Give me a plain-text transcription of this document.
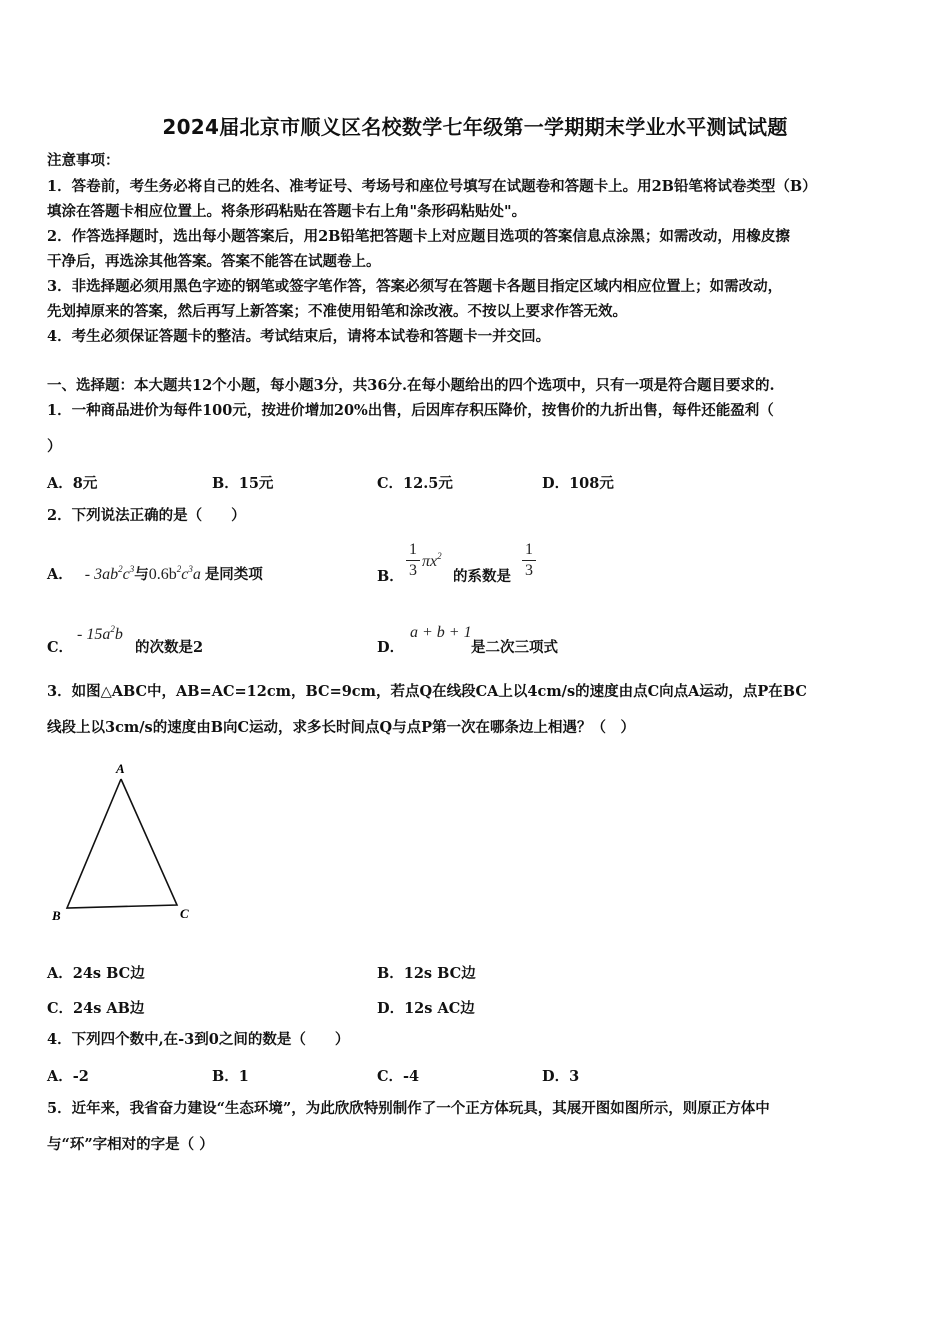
2024届北京市顺义区名校数学七年级第一学期期末学业水平测试试题
注意事项：
1．答卷前，考生务必将自己的姓名、准考证号、考场号和座位号填写在试题卷和答题卡上。用2B铅笔将试卷类型（B）
填涂在答题卡相应位置上。将条形码粘贴在答题卡右上角"条形码粘贴处"。
2．作答选择题时，选出每小题答案后，用2B铅笔把答题卡上对应题目选项的答案信息点涂黑；如需改动，用橡皮擦
干净后，再选涂其他答案。答案不能答在试题卷上。
3．非选择题必须用黑色字迹的钢笔或签字笔作答，答案必须写在答题卡各题目指定区域内相应位置上；如需改动，
先划掉原来的答案，然后再写上新答案；不准使用铅笔和涂改液。不按以上要求作答无效。
4．考生必须保证答题卡的整洁。考试结束后，请将本试卷和答题卡一并交回。
一、选择题：本大题共12个小题，每小题3分，共36分.在每小题给出的四个选项中，只有一项是符合题目要求的.
1．一种商品进价为每件100元，按进价增加20%出售，后因库存积压降价，按售价的九折出售，每件还能盈利（
）
A．8元	B．15元	C．12.5元	D．108元
2．下列说法正确的是（　　）
A． - $3ab^2c^3$与$0.6b^2c^3a$ 是同类项	B．
1
3
$\pi x^2$
的系数是
1
3
C．
- $15a^2b$
的次数是2	D．
a + b + 1
是二次三项式
3．如图△ABC中，AB=AC=12cm，BC=9cm，若点Q在线段CA上以4cm/s的速度由点C向点A运动，点P在BC
线段上以3cm/s的速度由B向C运动，求多长时间点Q与点P第一次在哪条边上相遇？（　）
A
B	C
A．24s BC边	B．12s BC边
C．24s AB边	D．12s AC边
4．下列四个数中,在-3到0之间的数是（　　）
A．-2	B．1	C．-4	D．3
5．近年来，我省奋力建设“生态环境”，为此欣欣特别制作了一个正方体玩具，其展开图如图所示，则原正方体中
与“环”字相对的字是（ ）
